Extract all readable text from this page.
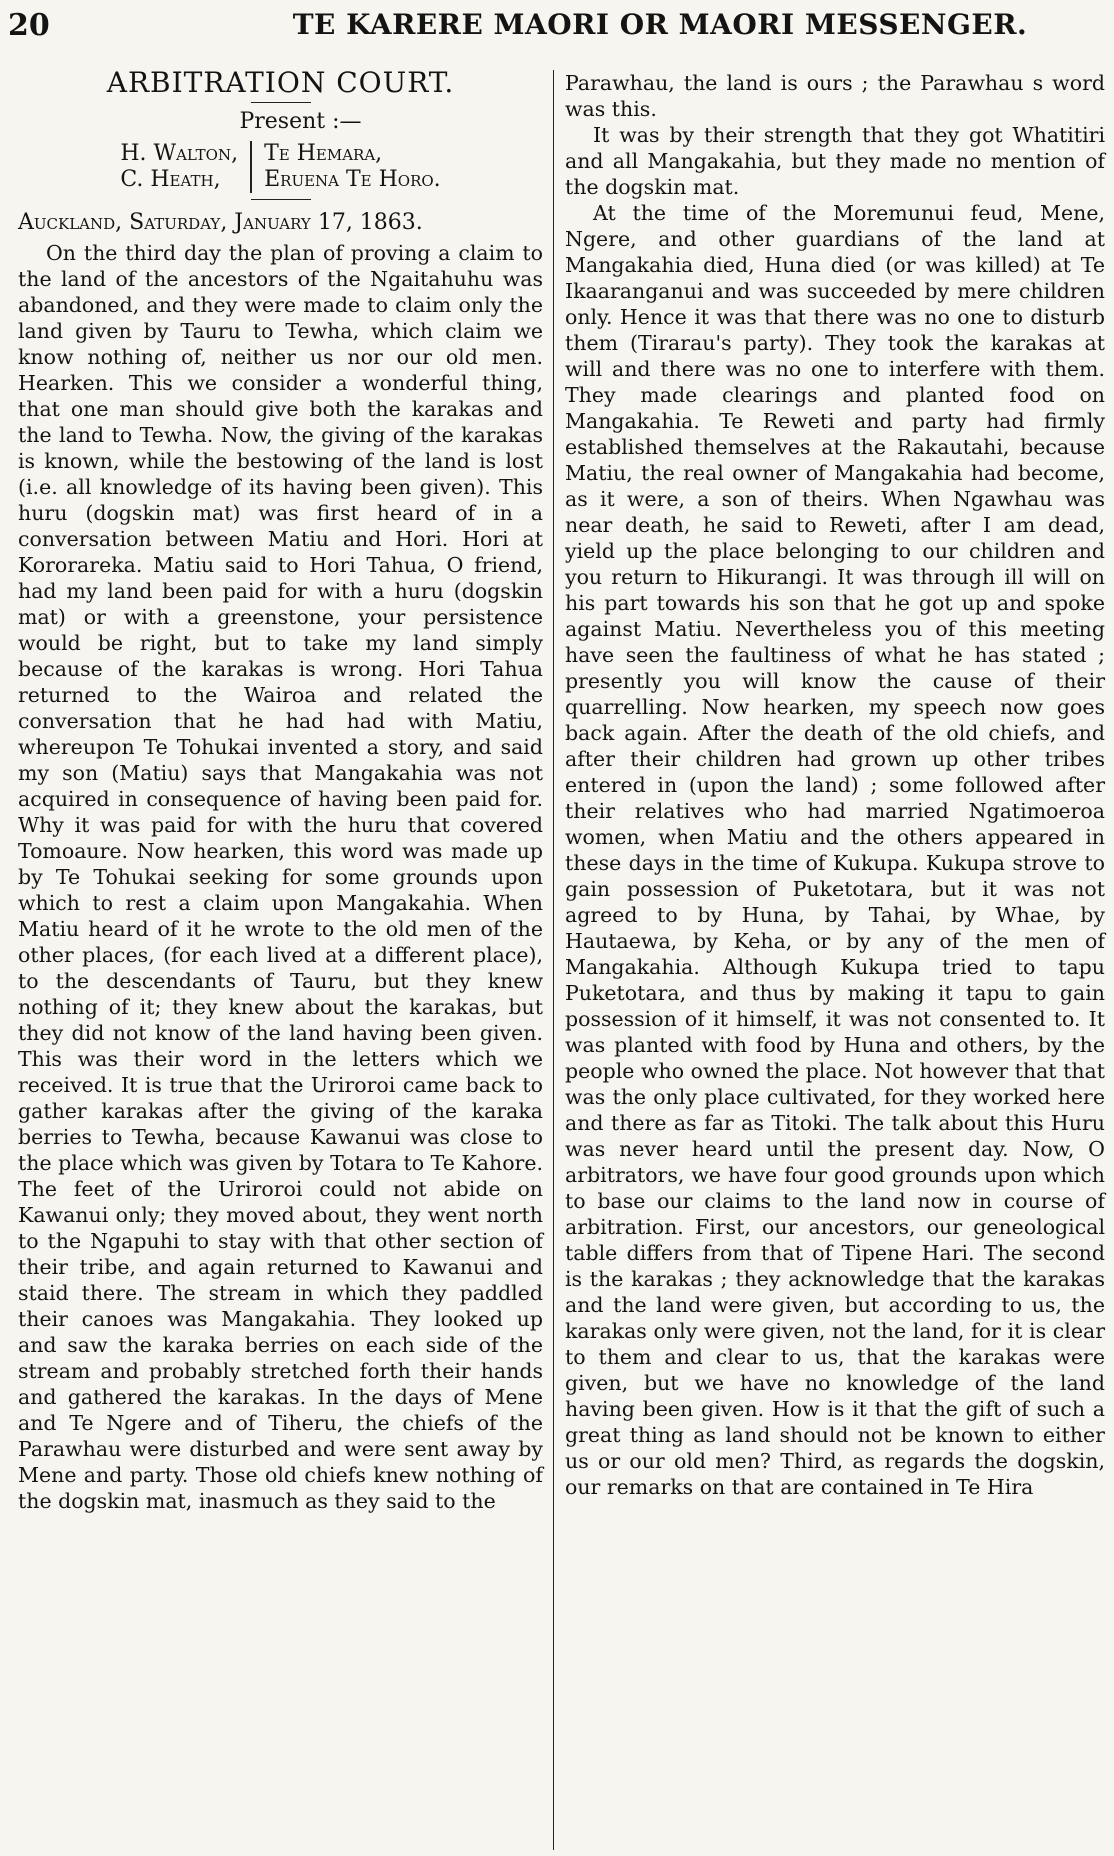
20	TE KARERE MAORI OR MAORI MESSENGER.
ARBITRATION COURT.
Present :—
H. Walton,
C. Heath,
Te Hemara,
Eruena Te Horo.
Auckland, Saturday, January 17, 1863.

On the third day the plan of proving a claim to the land of the ancestors of the Ngaitahuhu was abandoned, and they were made to claim only the land given by Tauru to Tewha, which claim we know nothing of, neither us nor our old men. Hearken. This we consider a wonderful thing, that one man should give both the karakas and the land to Tewha. Now, the giving of the karakas is known, while the bestowing of the land is lost (i.e. all knowledge of its having been given). This huru (dogskin mat) was first heard of in a conversation between Matiu and Hori. Hori at Kororareka. Matiu said to Hori Tahua, O friend, had my land been paid for with a huru (dogskin mat) or with a greenstone, your persistence would be right, but to take my land simply because of the karakas is wrong. Hori Tahua returned to the Wairoa and related the conversation that he had had with Matiu, whereupon Te Tohukai invented a story, and said my son (Matiu) says that Mangakahia was not acquired in consequence of having been paid for. Why it was paid for with the huru that covered Tomoaure. Now hearken, this word was made up by Te Tohukai seeking for some grounds upon which to rest a claim upon Mangakahia. When Matiu heard of it he wrote to the old men of the other places, (for each lived at a different place), to the descendants of Tauru, but they knew nothing of it; they knew about the karakas, but they did not know of the land having been given. This was their word in the letters which we received. It is true that the Uriroroi came back to gather karakas after the giving of the karaka berries to Tewha, because Kawanui was close to the place which was given by Totara to Te Kahore. The feet of the Uriroroi could not abide on Kawanui only; they moved about, they went north to the Ngapuhi to stay with that other section of their tribe, and again returned to Kawanui and staid there. The stream in which they paddled their canoes was Mangakahia. They looked up and saw the karaka berries on each side of the stream and probably stretched forth their hands and gathered the karakas. In the days of Mene and Te Ngere and of Tiheru, the chiefs of the Parawhau were disturbed and were sent away by Mene and party. Those old chiefs knew nothing of the dogskin mat, inasmuch as they said to the

Parawhau, the land is ours ; the Parawhau s word was this.

It was by their strength that they got Whatitiri and all Mangakahia, but they made no mention of the dogskin mat.

At the time of the Moremunui feud, Mene, Ngere, and other guardians of the land at Mangakahia died, Huna died (or was killed) at Te Ikaaranganui and was succeeded by mere children only. Hence it was that there was no one to disturb them (Tirarau's party). They took the karakas at will and there was no one to interfere with them. They made clearings and planted food on Mangakahia. Te Reweti and party had firmly established themselves at the Rakautahi, because Matiu, the real owner of Mangakahia had become, as it were, a son of theirs. When Ngawhau was near death, he said to Reweti, after I am dead, yield up the place belonging to our children and you return to Hikurangi. It was through ill will on his part towards his son that he got up and spoke against Matiu. Nevertheless you of this meeting have seen the faultiness of what he has stated ; presently you will know the cause of their quarrelling. Now hearken, my speech now goes back again. After the death of the old chiefs, and after their children had grown up other tribes entered in (upon the land) ; some followed after their relatives who had married Ngatimoeroa women, when Matiu and the others appeared in these days in the time of Kukupa. Kukupa strove to gain possession of Puketotara, but it was not agreed to by Huna, by Tahai, by Whae, by Hautaewa, by Keha, or by any of the men of Mangakahia. Although Kukupa tried to tapu Puketotara, and thus by making it tapu to gain possession of it himself, it was not consented to. It was planted with food by Huna and others, by the people who owned the place. Not however that that was the only place cultivated, for they worked here and there as far as Titoki. The talk about this Huru was never heard until the present day. Now, O arbitrators, we have four good grounds upon which to base our claims to the land now in course of arbitration. First, our ancestors, our geneological table differs from that of Tipene Hari. The second is the karakas ; they acknowledge that the karakas and the land were given, but according to us, the karakas only were given, not the land, for it is clear to them and clear to us, that the karakas were given, but we have no knowledge of the land having been given. How is it that the gift of such a great thing as land should not be known to either us or our old men? Third, as regards the dogskin, our remarks on that are contained in Te Hira
